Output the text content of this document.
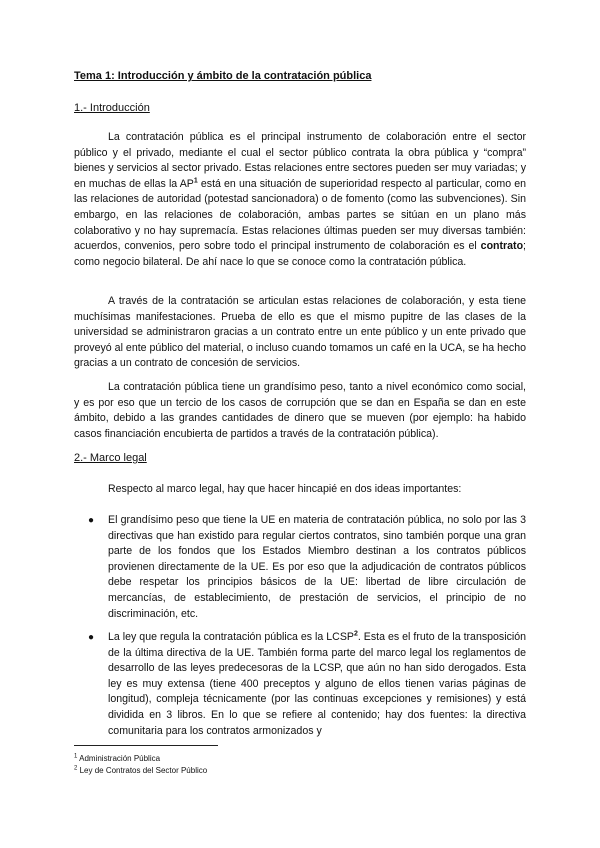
Tema 1: Introducción y ámbito de la contratación pública
1.- Introducción

La contratación pública es el principal instrumento de colaboración entre el sector público y el privado, mediante el cual el sector público contrata la obra pública y “compra” bienes y servicios al sector privado. Estas relaciones entre sectores pueden ser muy variadas; y en muchas de ellas la $AP^1$ está en una situación de superioridad respecto al particular, como en las relaciones de autoridad (potestad sancionadora) o de fomento (como las subvenciones). Sin embargo, en las relaciones de colaboración, ambas partes se sitúan en un plano más colaborativo y no hay supremacía. Estas relaciones últimas pueden ser muy diversas también: acuerdos, convenios, pero sobre todo el principal instrumento de colaboración es el contrato; como negocio bilateral. De ahí nace lo que se conoce como la contratación pública.

A través de la contratación se articulan estas relaciones de colaboración, y esta tiene muchísimas manifestaciones. Prueba de ello es que el mismo pupitre de las clases de la universidad se administraron gracias a un contrato entre un ente público y un ente privado que proveyó al ente público del material, o incluso cuando tomamos un café en la UCA, se ha hecho gracias a un contrato de concesión de servicios.

La contratación pública tiene un grandísimo peso, tanto a nivel económico como social, y es por eso que un tercio de los casos de corrupción que se dan en España se dan en este ámbito, debido a las grandes cantidades de dinero que se mueven (por ejemplo: ha habido casos financiación encubierta de partidos a través de la contratación pública).

2.- Marco legal

Respecto al marco legal, hay que hacer hincapié en dos ideas importantes:

●	El grandísimo peso que tiene la UE en materia de contratación pública, no solo por las 3 directivas que han existido para regular ciertos contratos, sino también porque una gran parte de los fondos que los Estados Miembro destinan a los contratos públicos provienen directamente de la UE. Es por eso que la adjudicación de contratos públicos debe respetar los principios básicos de la UE: libertad de libre circulación de mercancías, de establecimiento, de prestación de servicios, el principio de no discriminación, etc.
●	La ley que regula la contratación pública es la LCSP$^2$. Esta es el fruto de la transposición de la última directiva de la UE. También forma parte del marco legal los reglamentos de desarrollo de las leyes predecesoras de la LCSP, que aún no han sido derogados. Esta ley es muy extensa (tiene 400 preceptos y alguno de ellos tienen varias páginas de longitud), compleja técnicamente (por las continuas excepciones y remisiones) y está dividida en 3 libros. En lo que se refiere al contenido; hay dos fuentes: la directiva comunitaria para los contratos armonizados y
$^1$ Administración Pública
$^2$ Ley de Contratos del Sector Público
